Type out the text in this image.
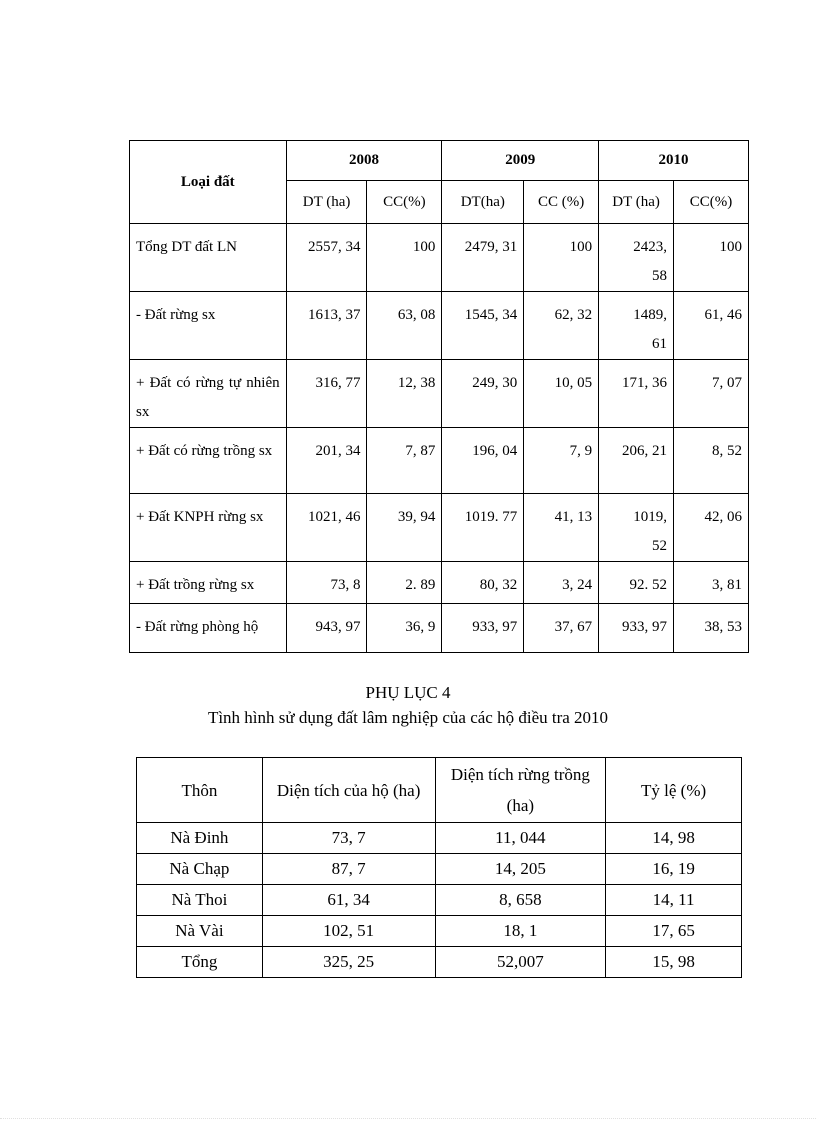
Loại đất	2008		2009		2010	
	DT (ha)	CC(%)	DT(ha)	CC (%)	DT (ha)	CC(%)
Tổng DT đất LN	2557, 34	100	2479, 31	100	2423, 58	100
- Đất rừng sx	1613, 37	63, 08	1545, 34	62, 32	1489, 61	61, 46
+ Đất có rừng tự nhiên sx	316, 77	12, 38	249, 30	10, 05	171, 36	7, 07
+ Đất có rừng trồng sx	201, 34	7, 87	196, 04	7, 9	206, 21	8, 52
+ Đất KNPH rừng sx	1021, 46	39, 94	1019. 77	41, 13	1019, 52	42, 06
+ Đất trồng rừng sx	73, 8	2. 89	80, 32	3, 24	92. 52	3, 81
- Đất rừng phòng hộ	943, 97	36, 9	933, 97	37, 67	933, 97	38, 53
PHỤ LỤC 4
Tình hình sử dụng đất lâm nghiệp của các hộ điều tra 2010
Thôn	Diện tích của hộ (ha)	Diện tích rừng trồng (ha)	Tỷ lệ (%)
Nà Đinh	73, 7	11, 044	14, 98
Nà Chạp	87, 7	14, 205	16, 19
Nà Thoi	61, 34	8, 658	14, 11
Nà Vài	102, 51	18, 1	17, 65
Tổng	325, 25	52,007	15, 98
